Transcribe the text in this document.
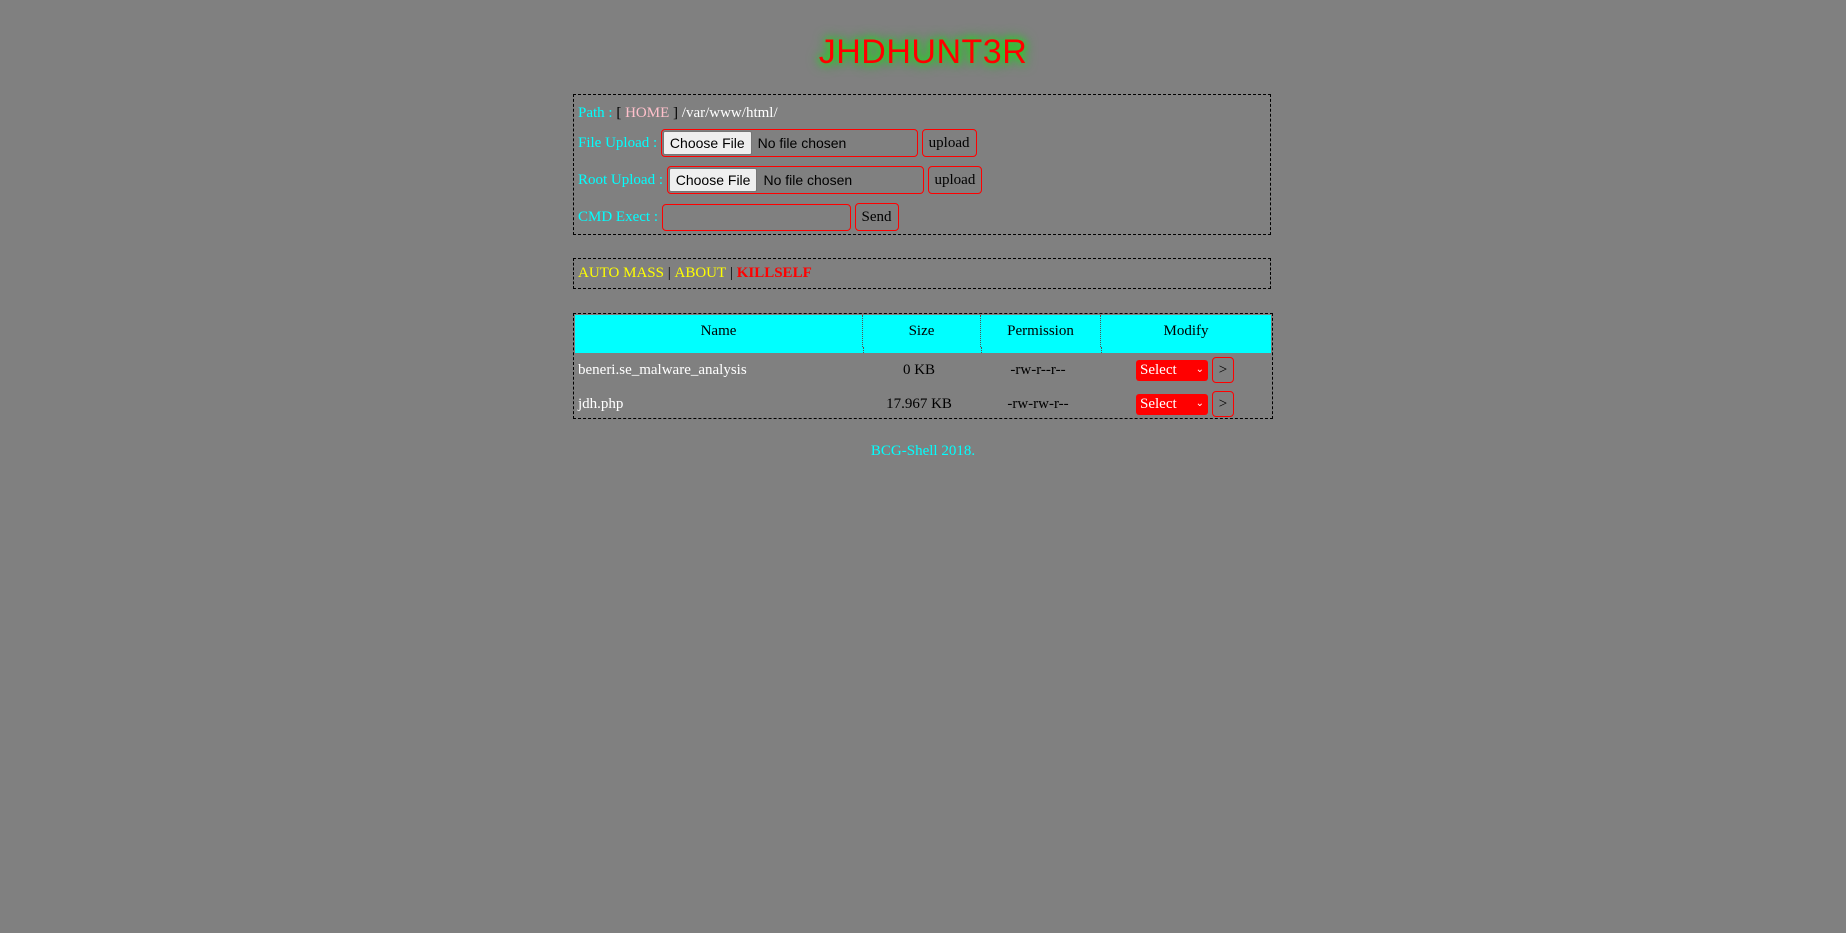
JHDHUNT3R
Path :
[
HOME
]
/ var / www / html /
File Upload :
Choose File No file chosen
	upload
Root Upload :
Choose File No file chosen
	upload
CMD Exect :

	Send
AUTO MASS
|
ABOUT
|
KILLSELF
Name	Size	Permission	Modify
beneri.se_malware_analysis	0 KB	-rw-r--r--	Select ⌄ >
jdh.php	17.967 KB	-rw-rw-r--	Select ⌄ >
BCG-Shell 2018.
